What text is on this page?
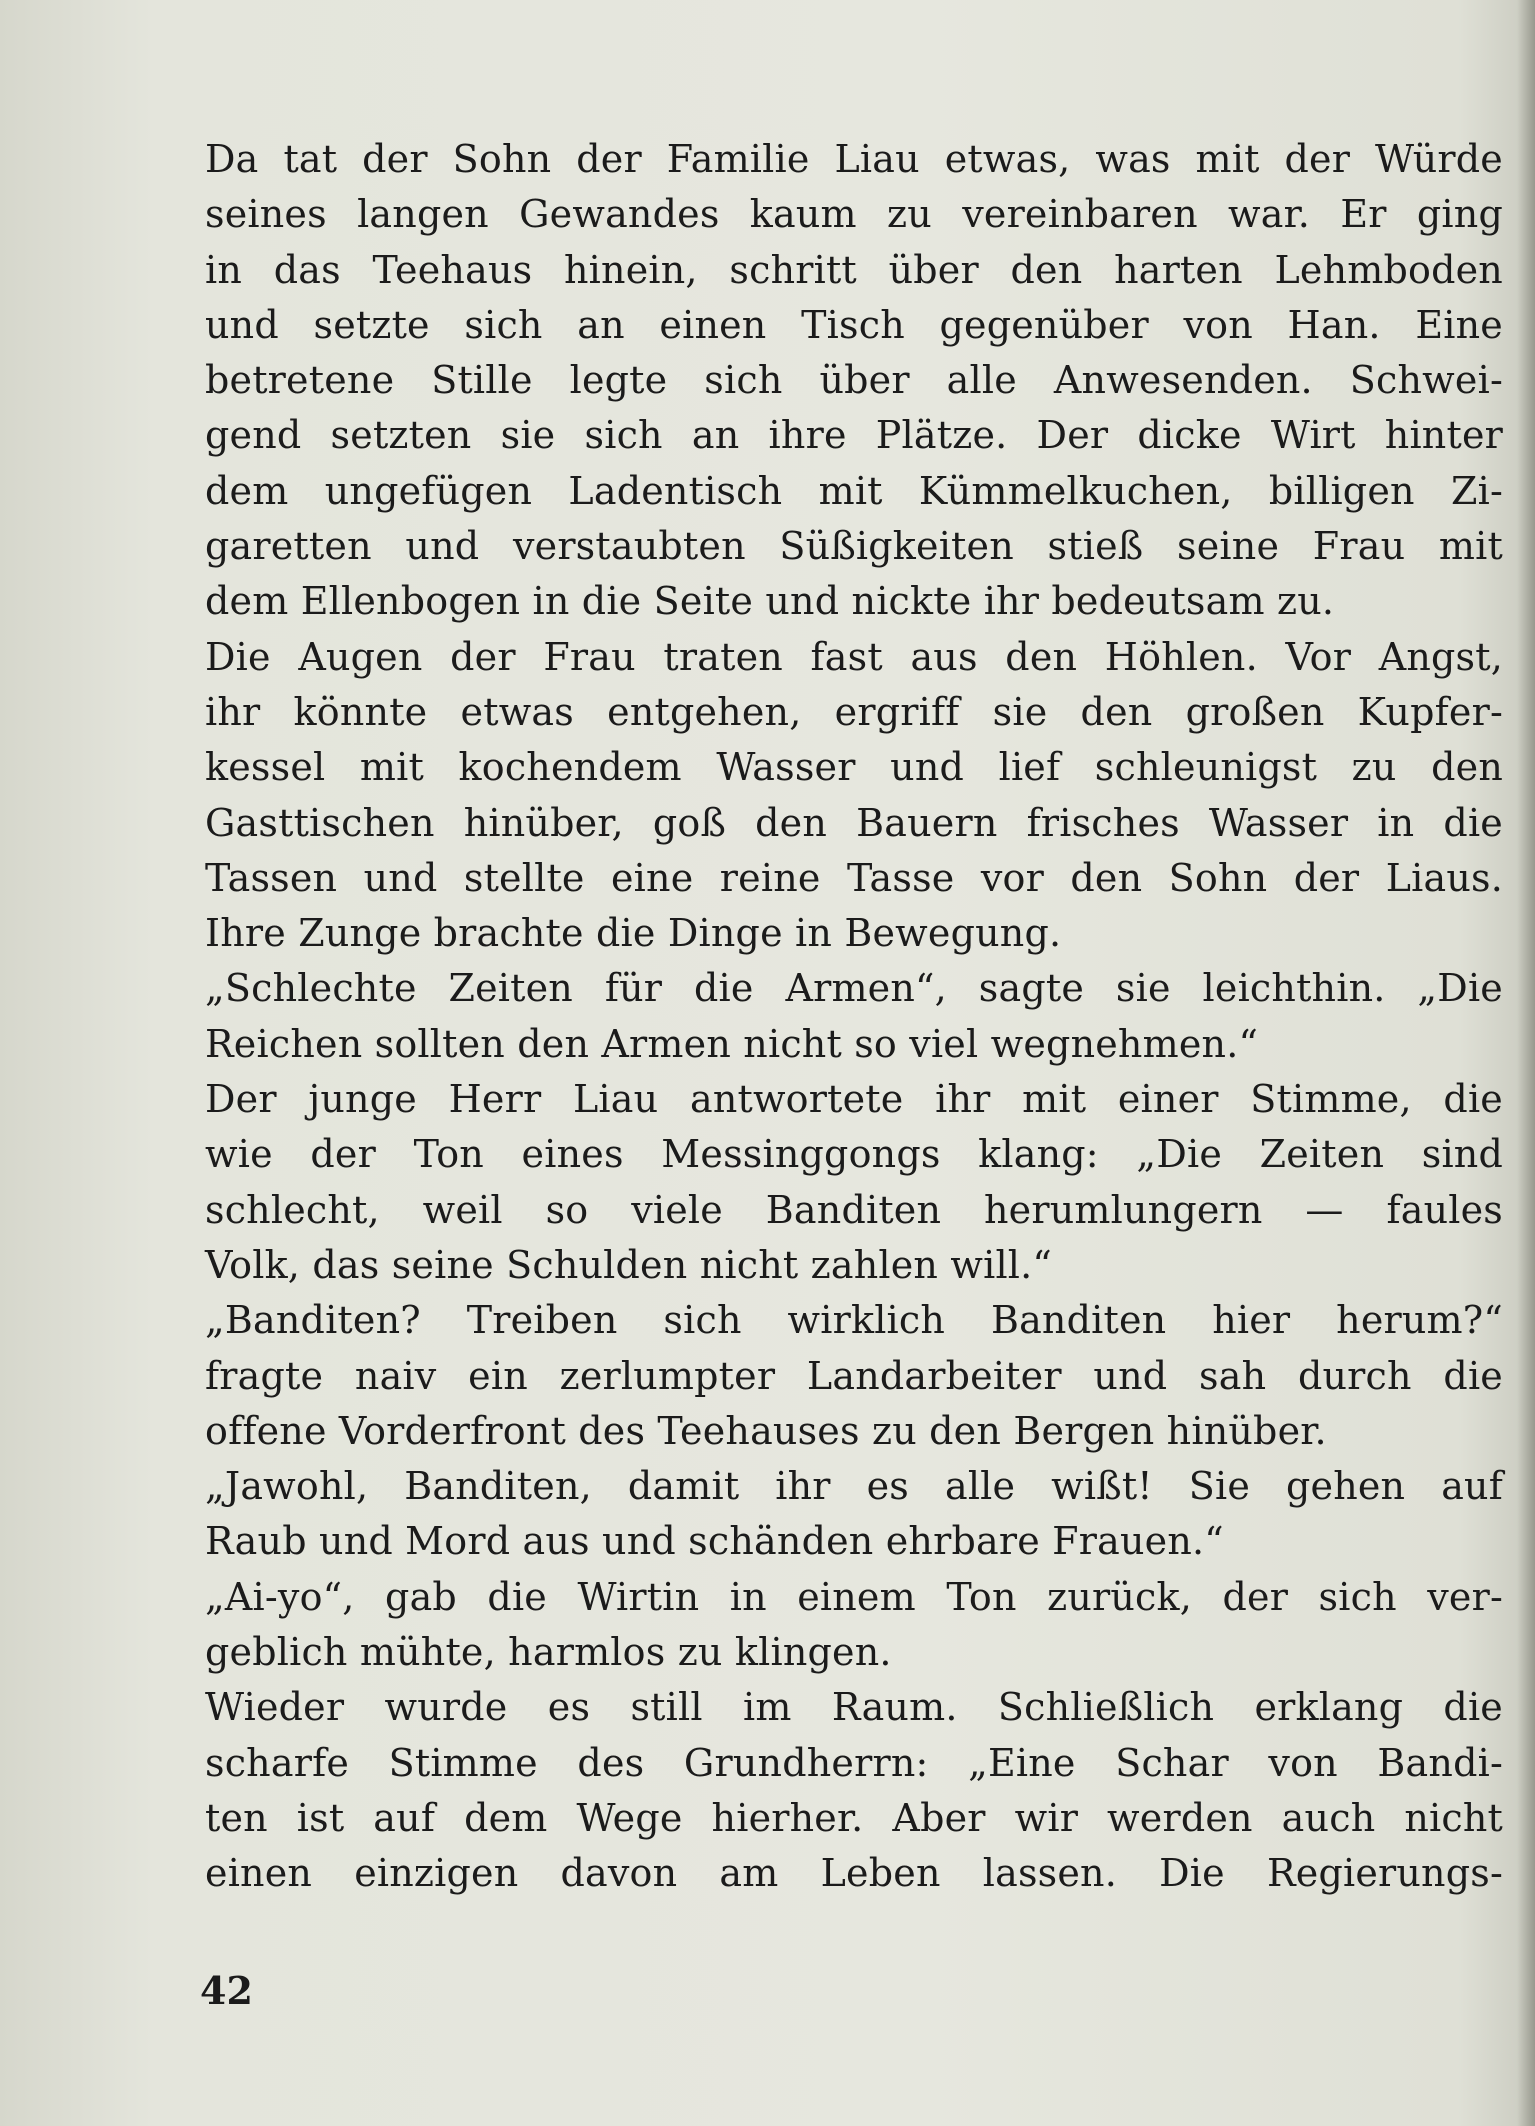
Da tat der Sohn der Familie Liau etwas, was mit der Würde
seines langen Gewandes kaum zu vereinbaren war. Er ging
in das Teehaus hinein, schritt über den harten Lehmboden
und setzte sich an einen Tisch gegenüber von Han. Eine
betretene Stille legte sich über alle Anwesenden. Schwei-
gend setzten sie sich an ihre Plätze. Der dicke Wirt hinter
dem ungefügen Ladentisch mit Kümmelkuchen, billigen Zi-
garetten und verstaubten Süßigkeiten stieß seine Frau mit
dem Ellenbogen in die Seite und nickte ihr bedeutsam zu.
Die Augen der Frau traten fast aus den Höhlen. Vor Angst,
ihr könnte etwas entgehen, ergriff sie den großen Kupfer-
kessel mit kochendem Wasser und lief schleunigst zu den
Gasttischen hinüber, goß den Bauern frisches Wasser in die
Tassen und stellte eine reine Tasse vor den Sohn der Liaus.
Ihre Zunge brachte die Dinge in Bewegung.
„Schlechte Zeiten für die Armen“, sagte sie leichthin. „Die
Reichen sollten den Armen nicht so viel wegnehmen.“
Der junge Herr Liau antwortete ihr mit einer Stimme, die
wie der Ton eines Messinggongs klang: „Die Zeiten sind
schlecht, weil so viele Banditen herumlungern — faules
Volk, das seine Schulden nicht zahlen will.“
„Banditen? Treiben sich wirklich Banditen hier herum?“
fragte naiv ein zerlumpter Landarbeiter und sah durch die
offene Vorderfront des Teehauses zu den Bergen hinüber.
„Jawohl, Banditen, damit ihr es alle wißt! Sie gehen auf
Raub und Mord aus und schänden ehrbare Frauen.“
„Ai-yo“, gab die Wirtin in einem Ton zurück, der sich ver-
geblich mühte, harmlos zu klingen.
Wieder wurde es still im Raum. Schließlich erklang die
scharfe Stimme des Grundherrn: „Eine Schar von Bandi-
ten ist auf dem Wege hierher. Aber wir werden auch nicht
einen einzigen davon am Leben lassen. Die Regierungs-
42
